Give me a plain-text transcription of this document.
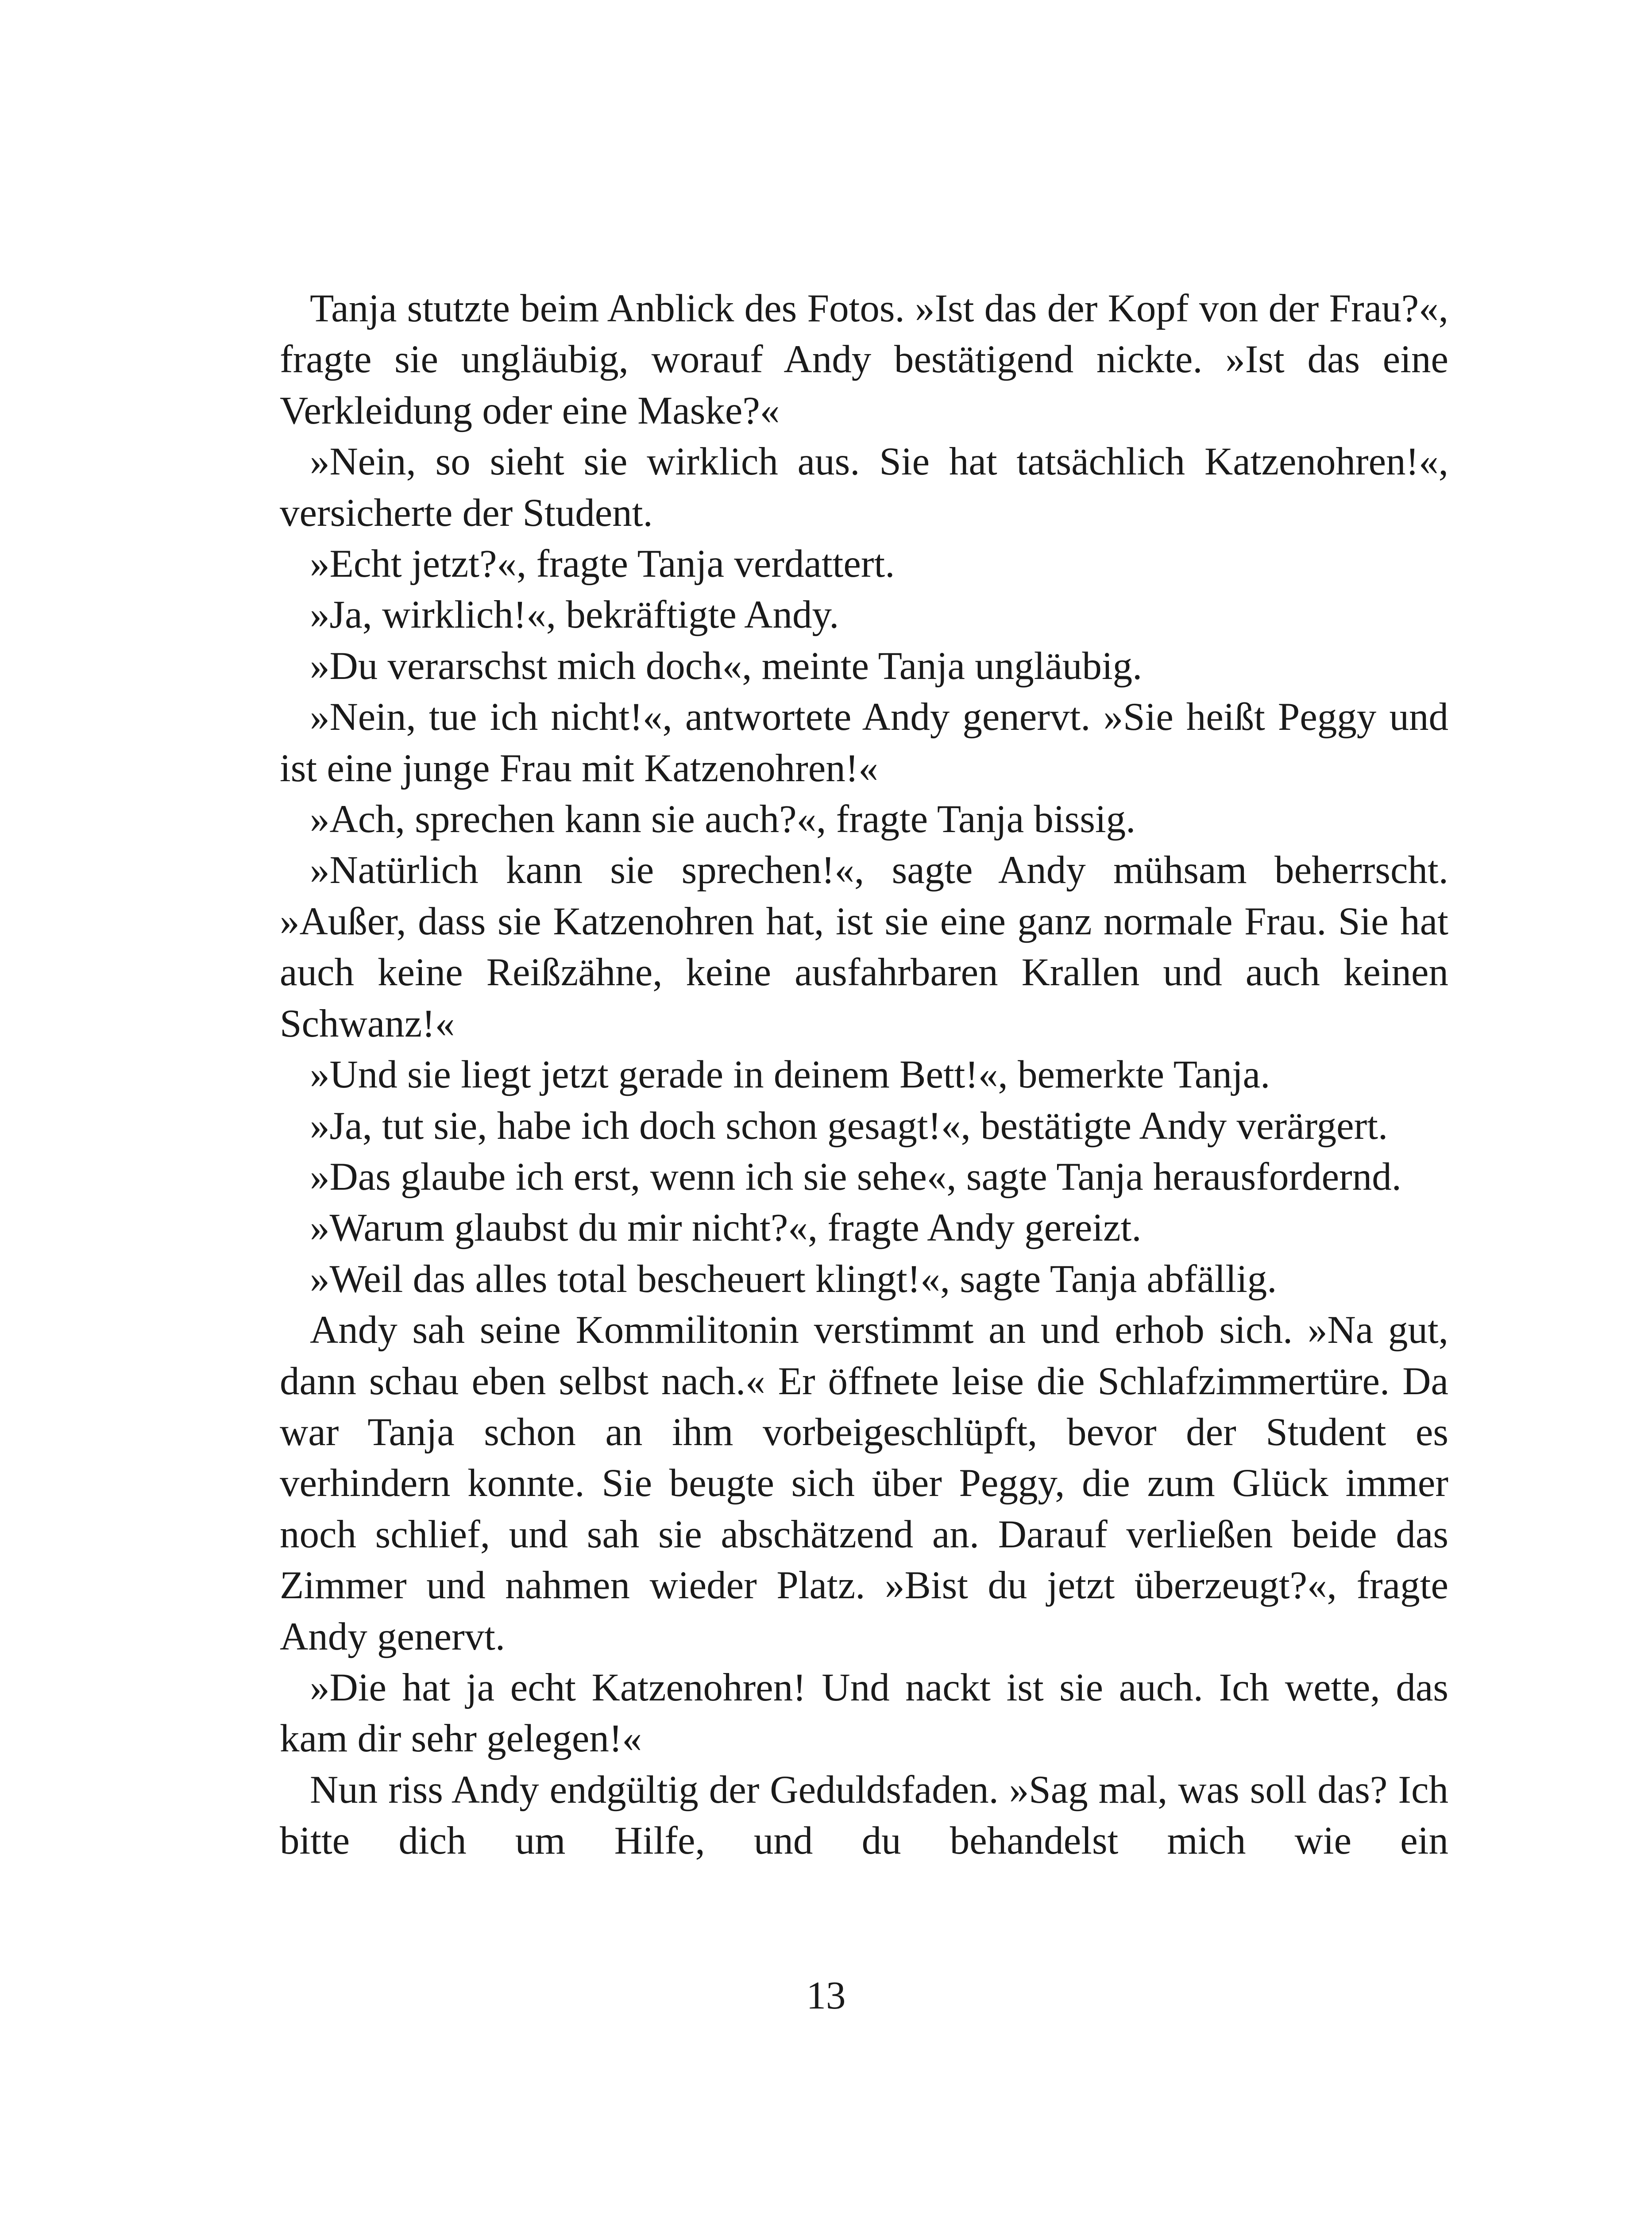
Tanja stutzte beim Anblick des Fotos. »Ist das der Kopf von der Frau?«, fragte sie ungläubig, worauf Andy bestätigend nickte. »Ist das eine Verkleidung oder eine Maske?«

»Nein, so sieht sie wirklich aus. Sie hat tatsächlich Katzenohren!«, versicherte der Student.

»Echt jetzt?«, fragte Tanja verdattert.

»Ja, wirklich!«, bekräftigte Andy.

»Du verarschst mich doch«, meinte Tanja ungläubig.

»Nein, tue ich nicht!«, antwortete Andy genervt. »Sie heißt Peggy und ist eine junge Frau mit Katzenohren!«

»Ach, sprechen kann sie auch?«, fragte Tanja bissig.

»Natürlich kann sie sprechen!«, sagte Andy mühsam beherrscht. »Außer, dass sie Katzenohren hat, ist sie eine ganz normale Frau. Sie hat auch keine Reißzähne, keine ausfahrbaren Krallen und auch keinen Schwanz!«

»Und sie liegt jetzt gerade in deinem Bett!«, bemerkte Tanja.

»Ja, tut sie, habe ich doch schon gesagt!«, bestätigte Andy verärgert.

»Das glaube ich erst, wenn ich sie sehe«, sagte Tanja herausfordernd.

»Warum glaubst du mir nicht?«, fragte Andy gereizt.

»Weil das alles total bescheuert klingt!«, sagte Tanja abfällig.

Andy sah seine Kommilitonin verstimmt an und erhob sich. »Na gut, dann schau eben selbst nach.« Er öffnete leise die Schlafzimmertüre. Da war Tanja schon an ihm vorbeigeschlüpft, bevor der Student es verhindern konnte. Sie beugte sich über Peggy, die zum Glück immer noch schlief, und sah sie abschätzend an. Darauf verließen beide das Zimmer und nahmen wieder Platz. »Bist du jetzt überzeugt?«, fragte Andy genervt.

»Die hat ja echt Katzenohren! Und nackt ist sie auch. Ich wette, das kam dir sehr gelegen!«

Nun riss Andy endgültig der Geduldsfaden. »Sag mal, was soll das? Ich bitte dich um Hilfe, und du behandelst mich wie ein

13
